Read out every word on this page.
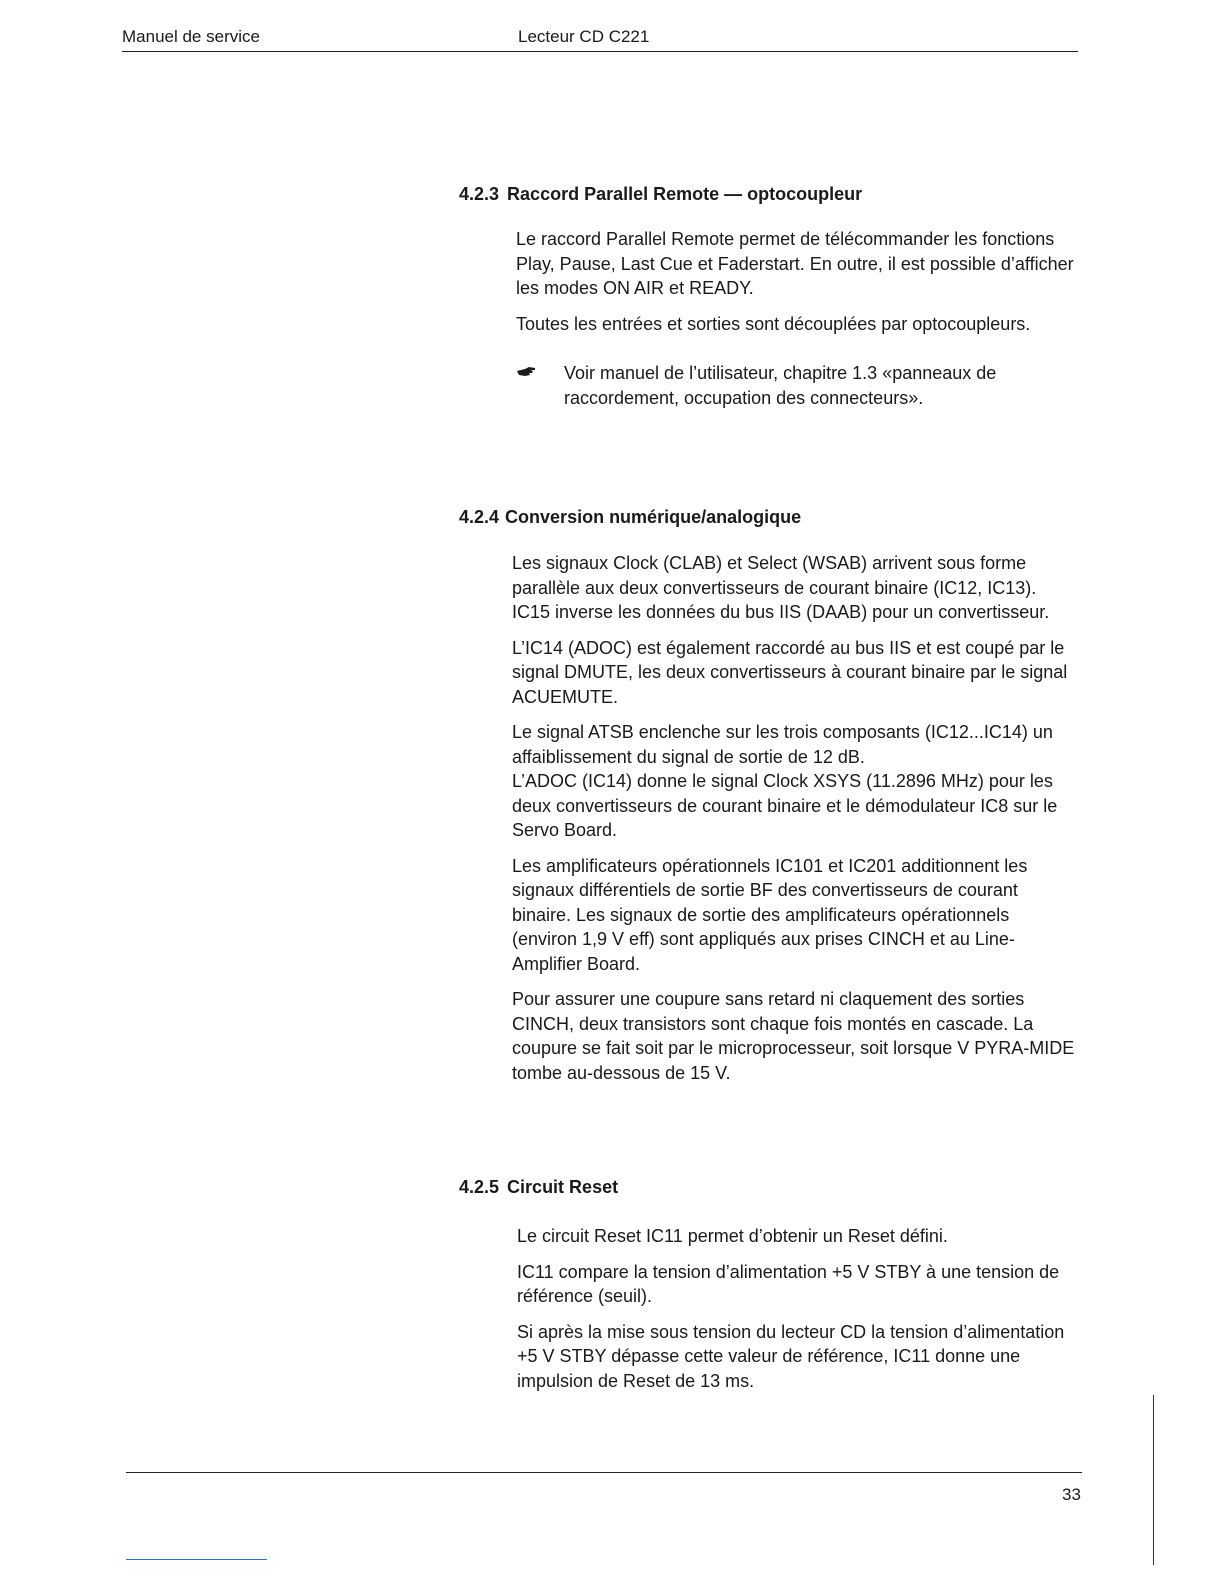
Manuel de service	Lecteur CD C221
4.2.3 Raccord Parallel Remote — optocoupleur

Le raccord Parallel Remote permet de télécommander les fonctions Play, Pause, Last Cue et Faderstart. En outre, il est possible d’afficher les modes ON AIR et READY.

Toutes les entrées et sorties sont découplées par optocoupleurs.

Voir manuel de l’utilisateur, chapitre 1.3 «panneaux de raccordement, occupation des connecteurs».
4.2.4 Conversion numérique/analogique

Les signaux Clock (CLAB) et Select (WSAB) arrivent sous forme parallèle aux deux convertisseurs de courant binaire (IC12, IC13). IC15 inverse les données du bus IIS (DAAB) pour un convertisseur.

L’IC14 (ADOC) est également raccordé au bus IIS et est coupé par le signal DMUTE, les deux convertisseurs à courant binaire par le signal ACUEMUTE.

Le signal ATSB enclenche sur les trois composants (IC12...IC14) un affaiblissement du signal de sortie de 12 dB.

L’ADOC (IC14) donne le signal Clock XSYS (11.2896 MHz) pour les deux convertisseurs de courant binaire et le démodulateur IC8 sur le Servo Board.

Les amplificateurs opérationnels IC101 et IC201 additionnent les signaux différentiels de sortie BF des convertisseurs de courant binaire. Les signaux de sortie des amplificateurs opérationnels (environ 1,9 V eff) sont appliqués aux prises CINCH et au Line-Amplifier Board.

Pour assurer une coupure sans retard ni claquement des sorties CINCH, deux transistors sont chaque fois montés en cascade. La coupure se fait soit par le microprocesseur, soit lorsque V PYRA-MIDE tombe au-dessous de 15 V.

4.2.5 Circuit Reset

Le circuit Reset IC11 permet d’obtenir un Reset défini.

IC11 compare la tension d’alimentation +5 V STBY à une tension de référence (seuil).

Si après la mise sous tension du lecteur CD la tension d’alimentation +5 V STBY dépasse cette valeur de référence, IC11 donne une impulsion de Reset de 13 ms.

33
